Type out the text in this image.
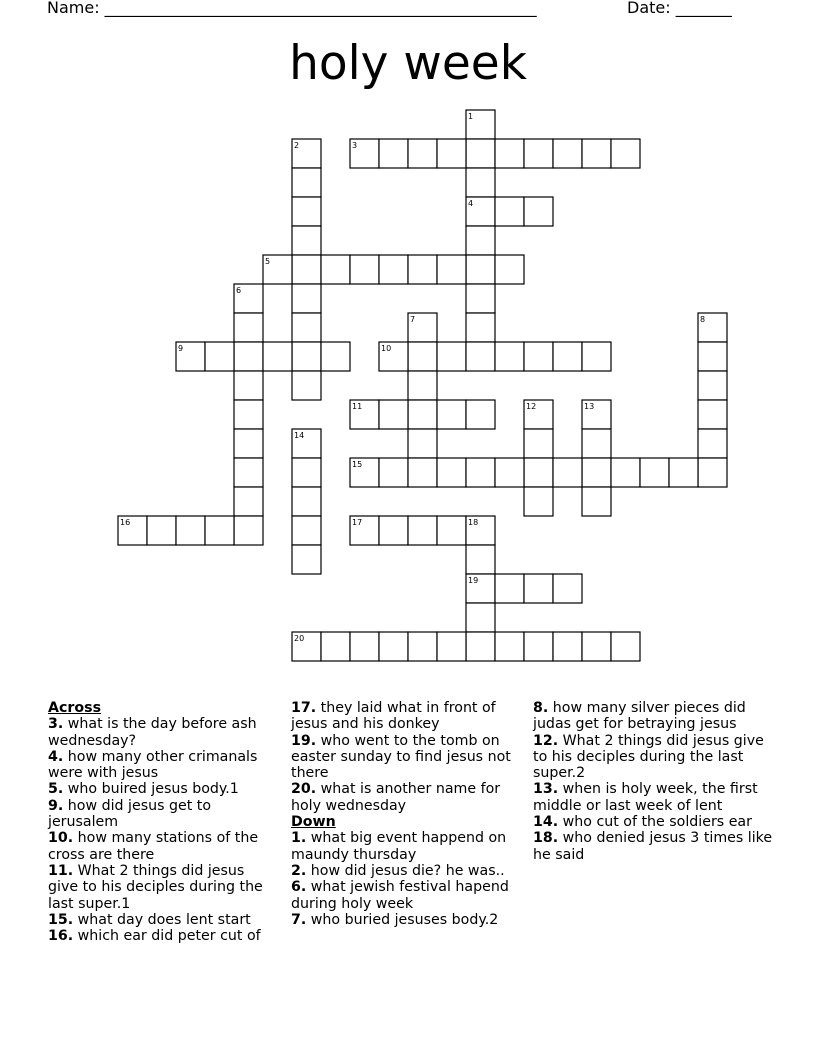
Name: ______________________________________________________	Date: _______
holy week
1
2	3
4
5
6
7	8
9	10
11	12	13
14
15
16	17	18
19
20

Across

3. what is the day before ash wednesday?

4. how many other crimanals were with jesus

5. who buired jesus body.1

9. how did jesus get to jerusalem

10. how many stations of the cross are there

11. What 2 things did jesus give to his deciples during the last super.1

15. what day does lent start

16. which ear did peter cut of

17. they laid what in front of jesus and his donkey

19. who went to the tomb on easter sunday to find jesus not there

20. what is another name for holy wednesday

Down

1. what big event happend on maundy thursday

2. how did jesus die? he was..

6. what jewish festival hapend during holy week

7. who buried jesuses body.2

8. how many silver pieces did judas get for betraying jesus

12. What 2 things did jesus give to his deciples during the last super.2

13. when is holy week, the first middle or last week of lent

14. who cut of the soldiers ear

18. who denied jesus 3 times like he said
